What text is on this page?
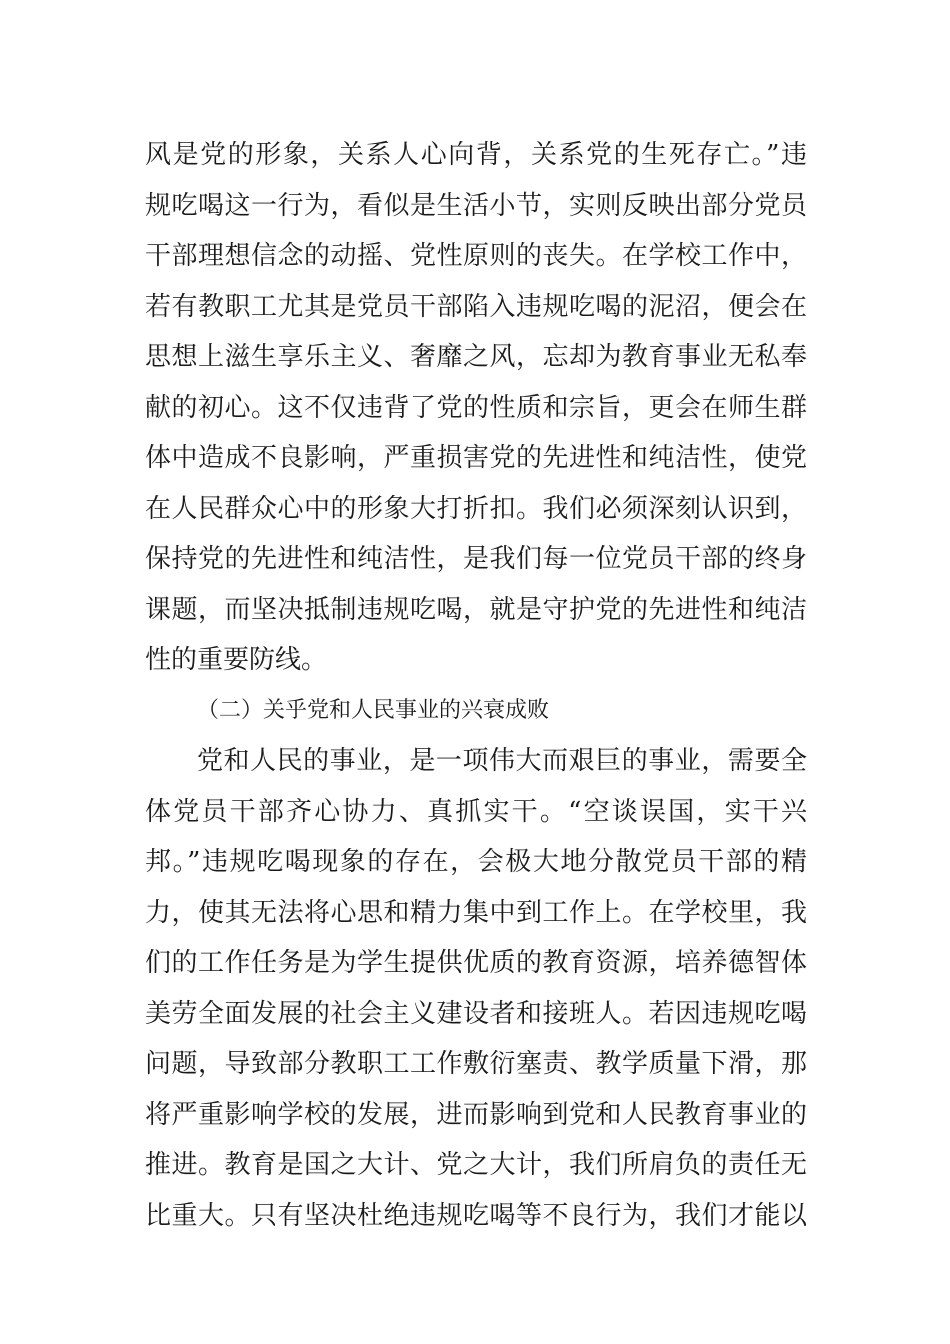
风是党的形象，关系人心向背，关系党的生死存亡。”违
规吃喝这一行为，看似是生活小节，实则反映出部分党员
干部理想信念的动摇、党性原则的丧失。在学校工作中，
若有教职工尤其是党员干部陷入违规吃喝的泥沼，便会在
思想上滋生享乐主义、奢靡之风，忘却为教育事业无私奉
献的初心。这不仅违背了党的性质和宗旨，更会在师生群
体中造成不良影响，严重损害党的先进性和纯洁性，使党
在人民群众心中的形象大打折扣。我们必须深刻认识到，
保持党的先进性和纯洁性，是我们每一位党员干部的终身
课题，而坚决抵制违规吃喝，就是守护党的先进性和纯洁
性的重要防线。
（二）关乎党和人民事业的兴衰成败
党和人民的事业，是一项伟大而艰巨的事业，需要全
体党员干部齐心协力、真抓实干。“空谈误国，实干兴
邦。”违规吃喝现象的存在，会极大地分散党员干部的精
力，使其无法将心思和精力集中到工作上。在学校里，我
们的工作任务是为学生提供优质的教育资源，培养德智体
美劳全面发展的社会主义建设者和接班人。若因违规吃喝
问题，导致部分教职工工作敷衍塞责、教学质量下滑，那
将严重影响学校的发展，进而影响到党和人民教育事业的
推进。教育是国之大计、党之大计，我们所肩负的责任无
比重大。只有坚决杜绝违规吃喝等不良行为，我们才能以
